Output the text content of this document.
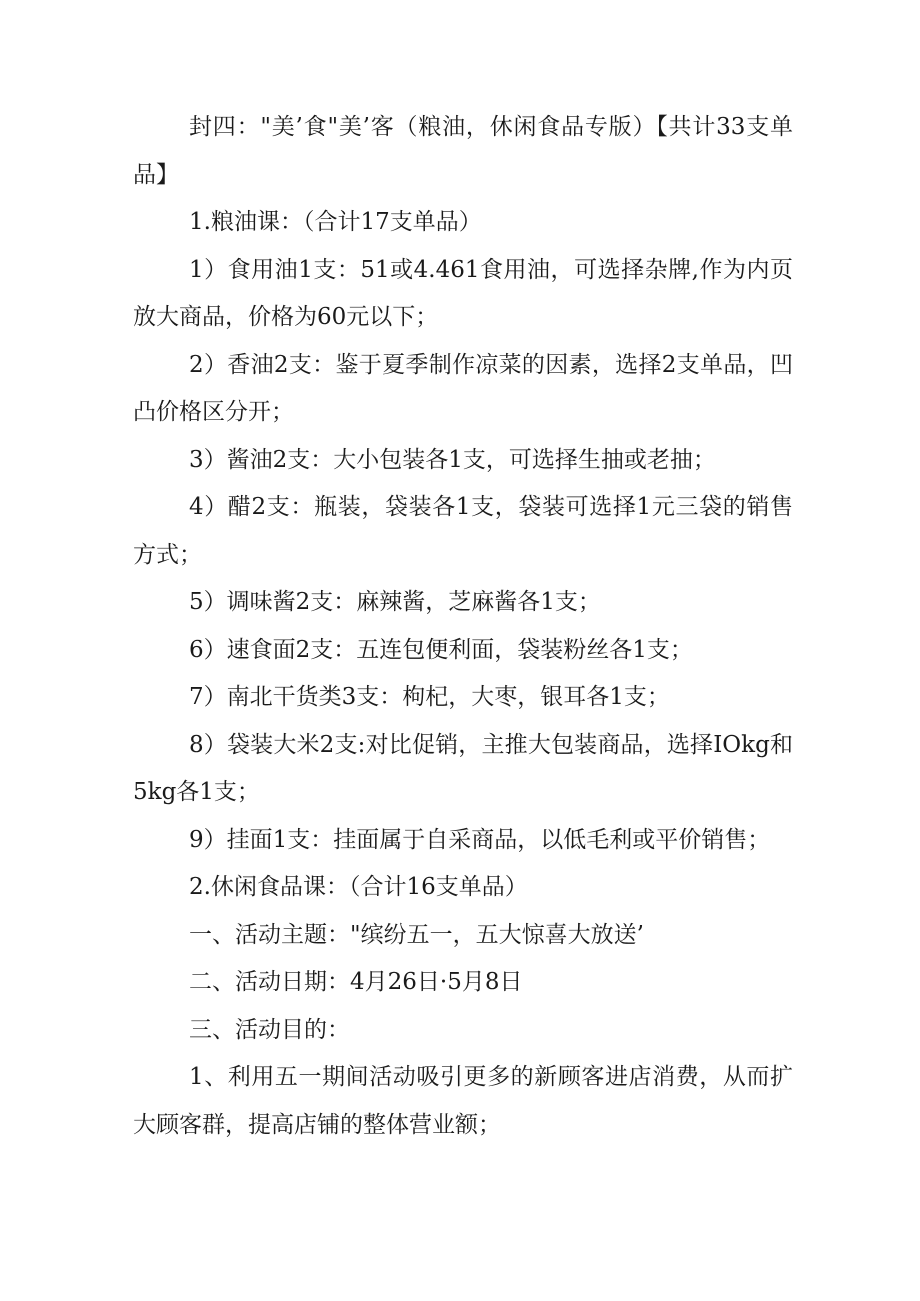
封四："美’食"美’客（粮油，休闲食品专版）【共计33支单品】

1.粮油课：（合计17支单品）

1）食用油1支：51或4.461食用油，可选择杂牌,作为内页放大商品，价格为60元以下；

2）香油2支：鉴于夏季制作凉菜的因素，选择2支单品，凹凸价格区分开；

3）酱油2支：大小包装各1支，可选择生抽或老抽；

4）醋2支：瓶装，袋装各1支，袋装可选择1元三袋的销售方式；

5）调味酱2支：麻辣酱，芝麻酱各1支；

6）速食面2支：五连包便利面，袋装粉丝各1支；

7）南北干货类3支：枸杞，大枣，银耳各1支；

8）袋装大米2支:对比促销，主推大包装商品，选择IOkg和5kg各1支；

9）挂面1支：挂面属于自采商品，以低毛利或平价销售；

2.休闲食品课：（合计16支单品）

一、活动主题："缤纷五一，五大惊喜大放送’

二、活动日期：4月26日·5月8日

三、活动目的：

1、利用五一期间活动吸引更多的新顾客进店消费，从而扩大顾客群，提高店铺的整体营业额；
